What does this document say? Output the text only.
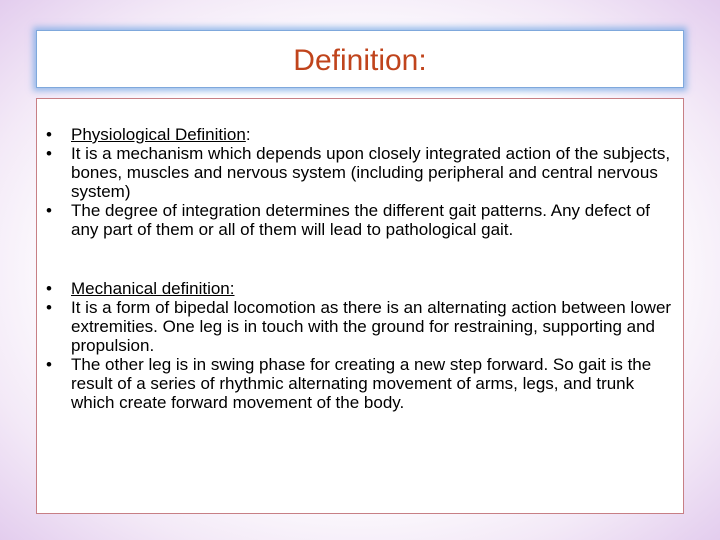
Definition:
• Physiological Definition:
• It is a mechanism which depends upon closely integrated action of the subjects, bones, muscles and nervous system (including peripheral and central nervous system)
• The degree of integration determines the different gait patterns. Any defect of any part of them or all of them will lead to pathological gait.
• Mechanical definition:
• It is a form of bipedal locomotion as there is an alternating action between lower extremities. One leg is in touch with the ground for restraining, supporting and propulsion.
• The other leg is in swing phase for creating a new step forward. So gait is the result of a series of rhythmic alternating movement of arms, legs, and trunk which create forward movement of the body.
